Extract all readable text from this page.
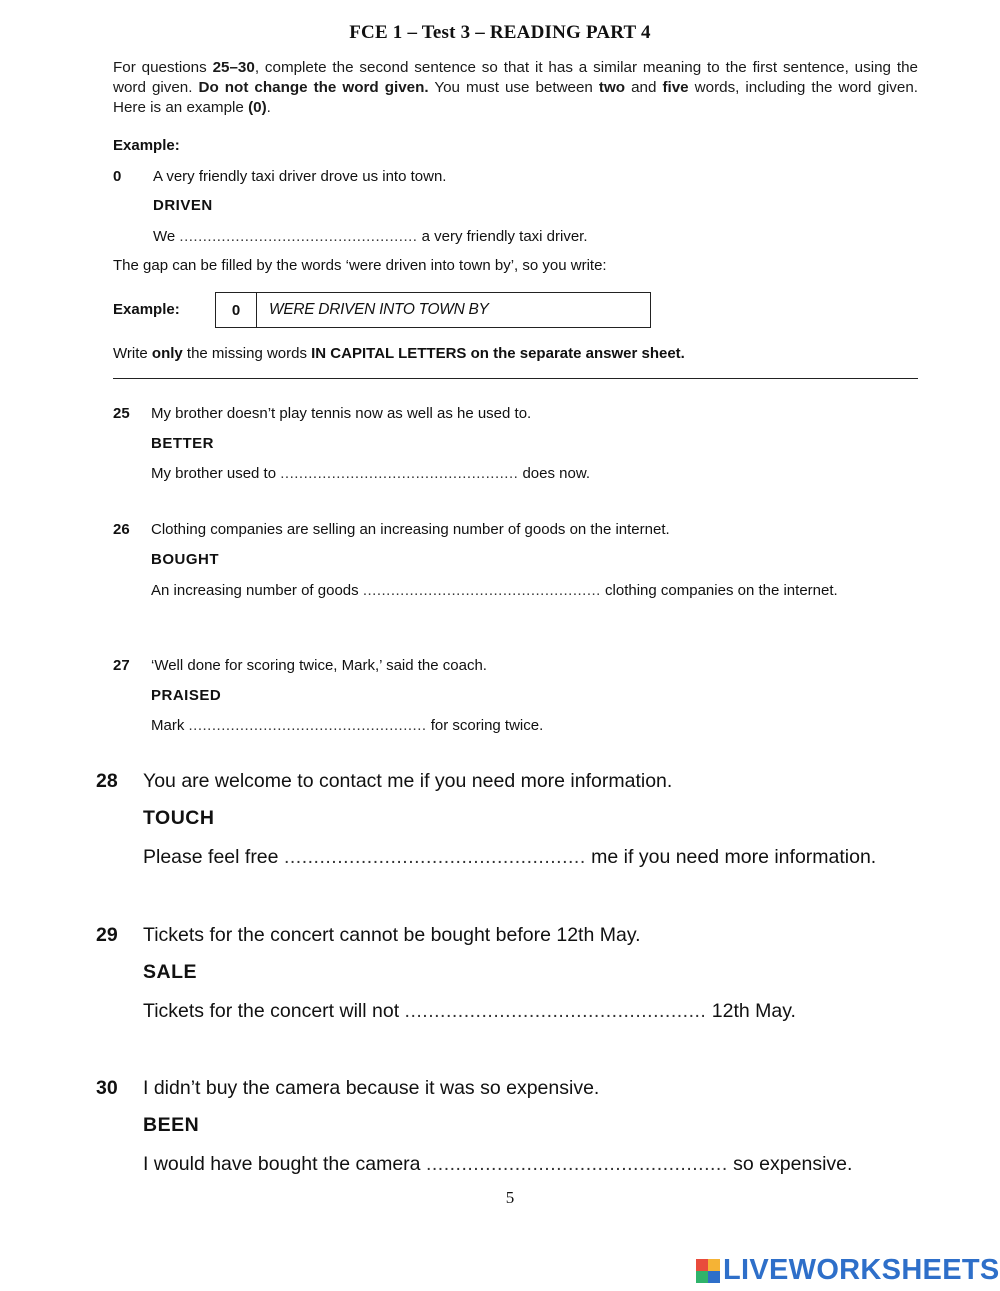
FCE 1 – Test 3 – READING PART 4
For questions 25–30, complete the second sentence so that it has a similar meaning to the first sentence, using the word given. Do not change the word given. You must use between two and five words, including the word given. Here is an example (0).
Example:
0 A very friendly taxi driver drove us into town.
DRIVEN
We ................................................... a very friendly taxi driver.
The gap can be filled by the words ‘were driven into town by’, so you write:
Example:	0	WERE DRIVEN INTO TOWN BY
Write only the missing words IN CAPITAL LETTERS on the separate answer sheet.
25 My brother doesn’t play tennis now as well as he used to.
BETTER
My brother used to ................................................... does now.
26 Clothing companies are selling an increasing number of goods on the internet.
BOUGHT
An increasing number of goods ................................................... clothing companies on the internet.
27 ‘Well done for scoring twice, Mark,’ said the coach.
PRAISED
Mark ................................................... for scoring twice.
28 You are welcome to contact me if you need more information.
TOUCH
Please feel free ................................................... me if you need more information.
29 Tickets for the concert cannot be bought before 12th May.
SALE
Tickets for the concert will not ................................................... 12th May.
30 I didn’t buy the camera because it was so expensive.
BEEN
I would have bought the camera ................................................... so expensive.
5
LIVEWORKSHEETS
